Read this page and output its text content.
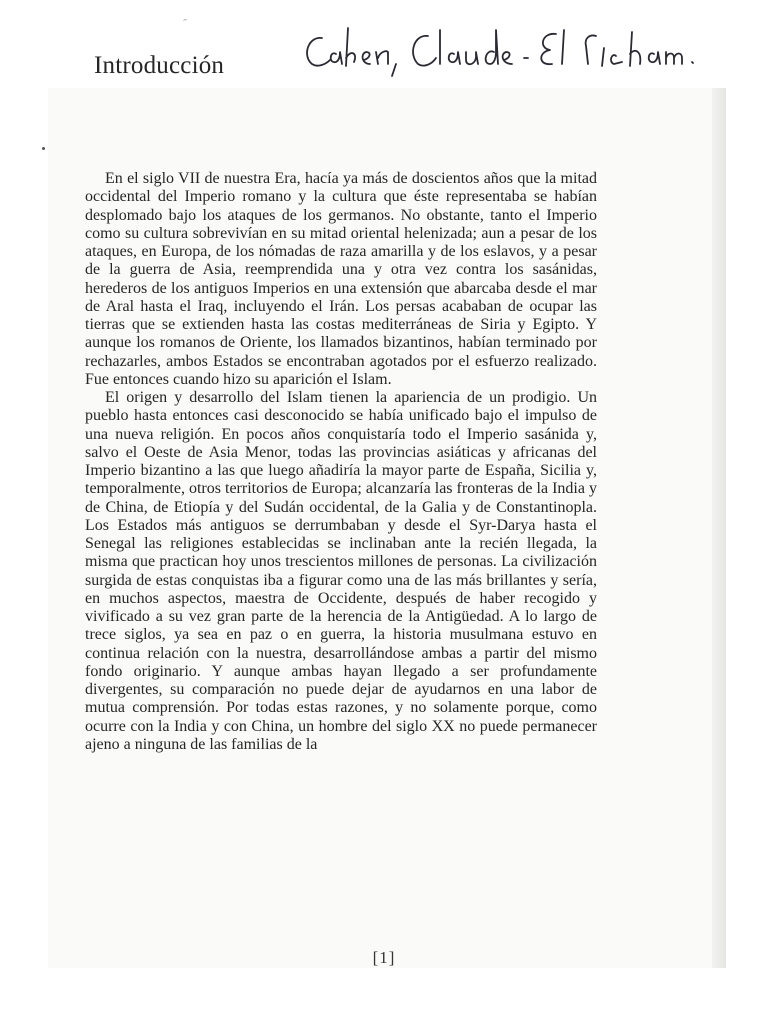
″
Introducción

En el siglo VII de nuestra Era, hacía ya más de doscientos años que la mitad occidental del Imperio romano y la cultura que éste representaba se habían desplomado bajo los ataques de los germanos. No obstante, tanto el Imperio como su cultura sobrevivían en su mitad oriental helenizada; aun a pesar de los ataques, en Europa, de los nómadas de raza amarilla y de los eslavos, y a pesar de la guerra de Asia, reemprendida una y otra vez contra los sasánidas, herederos de los antiguos Imperios en una extensión que abarcaba desde el mar de Aral hasta el Iraq, incluyendo el Irán. Los persas acababan de ocupar las tierras que se extienden hasta las costas mediterráneas de Siria y Egipto. Y aunque los romanos de Oriente, los llamados bizantinos, habían terminado por rechazarles, ambos Estados se encontraban agotados por el esfuerzo realizado. Fue entonces cuando hizo su aparición el Islam.

El origen y desarrollo del Islam tienen la apariencia de un prodigio. Un pueblo hasta entonces casi desconocido se había unificado bajo el impulso de una nueva religión. En pocos años conquistaría todo el Imperio sasánida y, salvo el Oeste de Asia Menor, todas las provincias asiáticas y africanas del Imperio bizantino a las que luego añadiría la mayor parte de España, Sicilia y, temporalmente, otros territorios de Europa; alcanzaría las fronteras de la India y de China, de Etiopía y del Sudán occidental, de la Galia y de Constantinopla. Los Estados más antiguos se derrumbaban y desde el Syr-Darya hasta el Senegal las religiones establecidas se inclinaban ante la recién llegada, la misma que practican hoy unos trescientos millones de personas. La civilización surgida de estas conquistas iba a figurar como una de las más brillantes y sería, en muchos aspectos, maestra de Occidente, después de haber recogido y vivificado a su vez gran parte de la herencia de la Antigüedad. A lo largo de trece siglos, ya sea en paz o en guerra, la historia musulmana estuvo en continua relación con la nuestra, desarrollándose ambas a partir del mismo fondo originario. Y aunque ambas hayan llegado a ser profundamente divergentes, su comparación no puede dejar de ayudarnos en una labor de mutua comprensión. Por todas estas razones, y no solamente porque, como ocurre con la India y con China, un hombre del siglo XX no puede permanecer ajeno a ninguna de las familias de la

[1]
